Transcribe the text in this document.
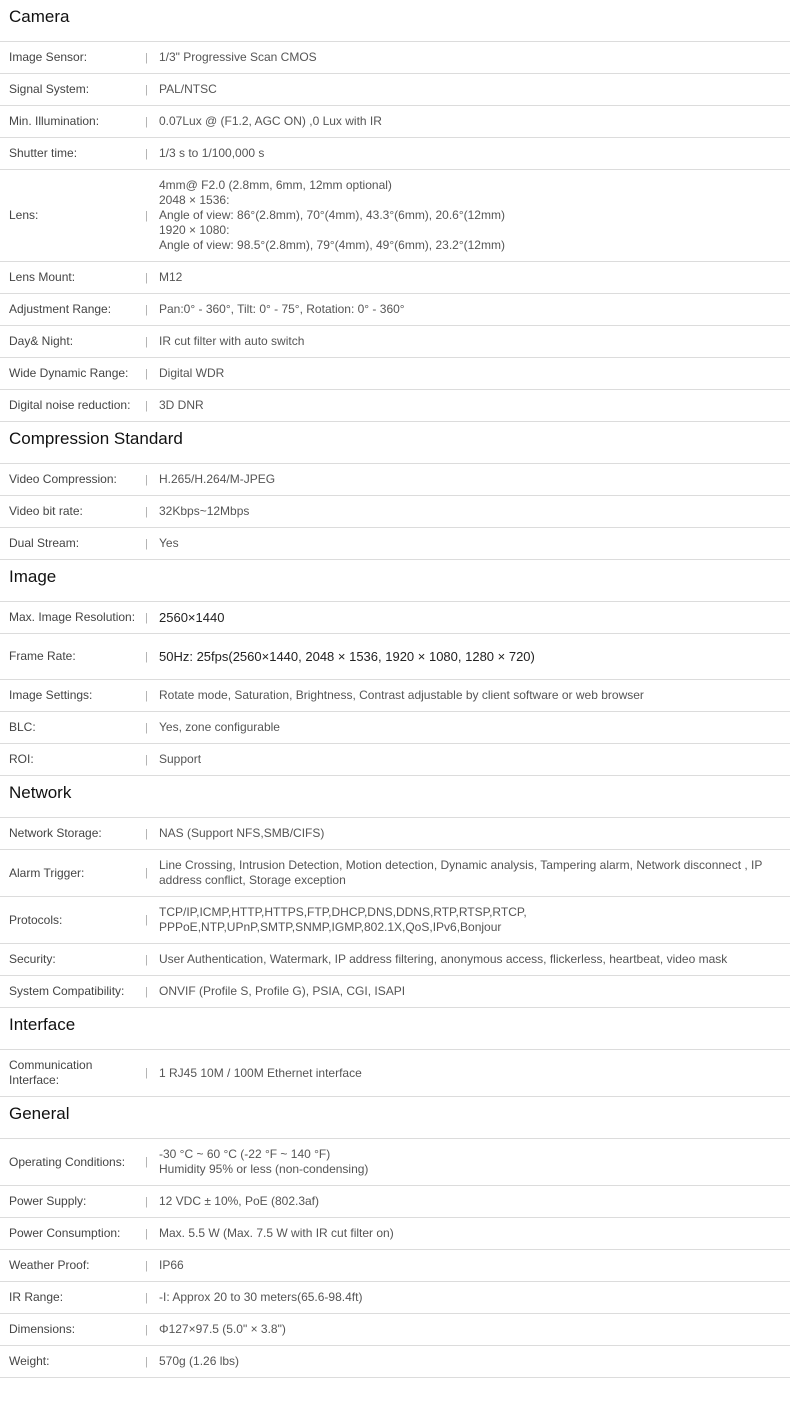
Camera
Image Sensor:	| 1/3" Progressive Scan CMOS
Signal System:	| PAL/NTSC
Min. Illumination:	| 0.07Lux @ (F1.2, AGC ON) ,0 Lux with IR
Shutter time:	| 1/3 s to 1/100,000 s
Lens:	|
4mm@ F2.0 (2.8mm, 6mm, 12mm optional)
2048 × 1536:
Angle of view: 86°(2.8mm), 70°(4mm), 43.3°(6mm), 20.6°(12mm)
1920 × 1080:
Angle of view: 98.5°(2.8mm), 79°(4mm), 49°(6mm), 23.2°(12mm)
Lens Mount:	| M12
Adjustment Range:	| Pan:0° - 360°, Tilt: 0° - 75°, Rotation: 0° - 360°
Day& Night:	| IR cut filter with auto switch
Wide Dynamic Range:	| Digital WDR
Digital noise reduction:	| 3D DNR
Compression Standard
Video Compression:	| H.265/H.264/M-JPEG
Video bit rate:	| 32Kbps~12Mbps
Dual Stream:	| Yes
Image
Max. Image Resolution: | 2560×1440
Frame Rate:	| 50Hz: 25fps(2560×1440, 2048 × 1536, 1920 × 1080, 1280 × 720)
Image Settings:	| Rotate mode, Saturation, Brightness, Contrast adjustable by client software or web browser
BLC:	| Yes, zone configurable
ROI:	| Support
Network
Network Storage:	| NAS (Support NFS,SMB/CIFS)
Alarm Trigger:	|
Line Crossing, Intrusion Detection, Motion detection, Dynamic analysis, Tampering alarm, Network disconnect , IP
address conflict, Storage exception
Protocols:	|
TCP/IP,ICMP,HTTP,HTTPS,FTP,DHCP,DNS,DDNS,RTP,RTSP,RTCP,
PPPoE,NTP,UPnP,SMTP,SNMP,IGMP,802.1X,QoS,IPv6,Bonjour
Security:	| User Authentication, Watermark, IP address filtering, anonymous access, flickerless, heartbeat, video mask
System Compatibility:	| ONVIF (Profile S, Profile G), PSIA, CGI, ISAPI
Interface
Communication Interface:	| 1 RJ45 10M / 100M Ethernet interface
General
Operating Conditions:	|
-30 °C ~ 60 °C (-22 °F ~ 140 °F)
Humidity 95% or less (non-condensing)
Power Supply:	| 12 VDC ± 10%, PoE (802.3af)
Power Consumption:	| Max. 5.5 W (Max. 7.5 W with IR cut filter on)
Weather Proof:	| IP66
IR Range:	| -I: Approx 20 to 30 meters(65.6-98.4ft)
Dimensions:	| Φ127×97.5 (5.0" × 3.8")
Weight:	| 570g (1.26 lbs)
